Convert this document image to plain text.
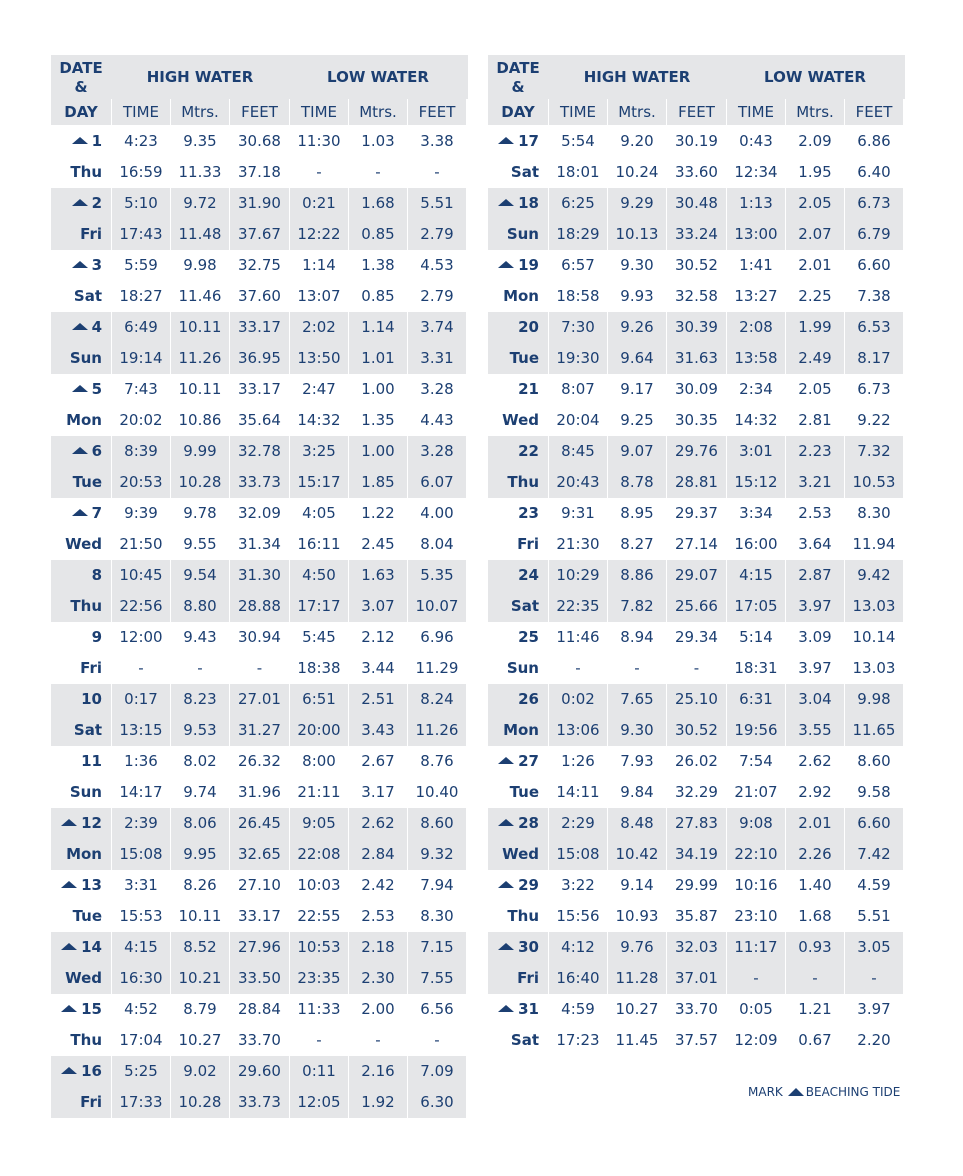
DATE
&
HIGH WATER	LOW WATER
DAY	TIME	Mtrs.	FEET	TIME	Mtrs.	FEET
1	4:23	9.35	30.68	11:30	1.03	3.38
Thu	16:59	11.33	37.18	-	-	-
2	5:10	9.72	31.90	0:21	1.68	5.51
Fri	17:43	11.48	37.67	12:22	0.85	2.79
3	5:59	9.98	32.75	1:14	1.38	4.53
Sat	18:27	11.46	37.60	13:07	0.85	2.79
4	6:49	10.11	33.17	2:02	1.14	3.74
Sun	19:14	11.26	36.95	13:50	1.01	3.31
5	7:43	10.11	33.17	2:47	1.00	3.28
Mon	20:02	10.86	35.64	14:32	1.35	4.43
6	8:39	9.99	32.78	3:25	1.00	3.28
Tue	20:53	10.28	33.73	15:17	1.85	6.07
7	9:39	9.78	32.09	4:05	1.22	4.00
Wed	21:50	9.55	31.34	16:11	2.45	8.04
8	10:45	9.54	31.30	4:50	1.63	5.35
Thu	22:56	8.80	28.88	17:17	3.07	10.07
9	12:00	9.43	30.94	5:45	2.12	6.96
Fri	-	-	-	18:38	3.44	11.29
10	0:17	8.23	27.01	6:51	2.51	8.24
Sat	13:15	9.53	31.27	20:00	3.43	11.26
11	1:36	8.02	26.32	8:00	2.67	8.76
Sun	14:17	9.74	31.96	21:11	3.17	10.40
12	2:39	8.06	26.45	9:05	2.62	8.60
Mon	15:08	9.95	32.65	22:08	2.84	9.32
13	3:31	8.26	27.10	10:03	2.42	7.94
Tue	15:53	10.11	33.17	22:55	2.53	8.30
14	4:15	8.52	27.96	10:53	2.18	7.15
Wed	16:30	10.21	33.50	23:35	2.30	7.55
15	4:52	8.79	28.84	11:33	2.00	6.56
Thu	17:04	10.27	33.70	-	-	-
16	5:25	9.02	29.60	0:11	2.16	7.09
Fri	17:33	10.28	33.73	12:05	1.92	6.30
DATE
&
HIGH WATER	LOW WATER
DAY	TIME	Mtrs.	FEET	TIME	Mtrs.	FEET
17	5:54	9.20	30.19	0:43	2.09	6.86
Sat	18:01	10.24	33.60	12:34	1.95	6.40
18	6:25	9.29	30.48	1:13	2.05	6.73
Sun	18:29	10.13	33.24	13:00	2.07	6.79
19	6:57	9.30	30.52	1:41	2.01	6.60
Mon	18:58	9.93	32.58	13:27	2.25	7.38
20	7:30	9.26	30.39	2:08	1.99	6.53
Tue	19:30	9.64	31.63	13:58	2.49	8.17
21	8:07	9.17	30.09	2:34	2.05	6.73
Wed	20:04	9.25	30.35	14:32	2.81	9.22
22	8:45	9.07	29.76	3:01	2.23	7.32
Thu	20:43	8.78	28.81	15:12	3.21	10.53
23	9:31	8.95	29.37	3:34	2.53	8.30
Fri	21:30	8.27	27.14	16:00	3.64	11.94
24	10:29	8.86	29.07	4:15	2.87	9.42
Sat	22:35	7.82	25.66	17:05	3.97	13.03
25	11:46	8.94	29.34	5:14	3.09	10.14
Sun	-	-	-	18:31	3.97	13.03
26	0:02	7.65	25.10	6:31	3.04	9.98
Mon	13:06	9.30	30.52	19:56	3.55	11.65
27	1:26	7.93	26.02	7:54	2.62	8.60
Tue	14:11	9.84	32.29	21:07	2.92	9.58
28	2:29	8.48	27.83	9:08	2.01	6.60
Wed	15:08	10.42	34.19	22:10	2.26	7.42
29	3:22	9.14	29.99	10:16	1.40	4.59
Thu	15:56	10.93	35.87	23:10	1.68	5.51
30	4:12	9.76	32.03	11:17	0.93	3.05
Fri	16:40	11.28	37.01	-	-	-
31	4:59	10.27	33.70	0:05	1.21	3.97
Sat	17:23	11.45	37.57	12:09	0.67	2.20
MARK BEACHING TIDE
